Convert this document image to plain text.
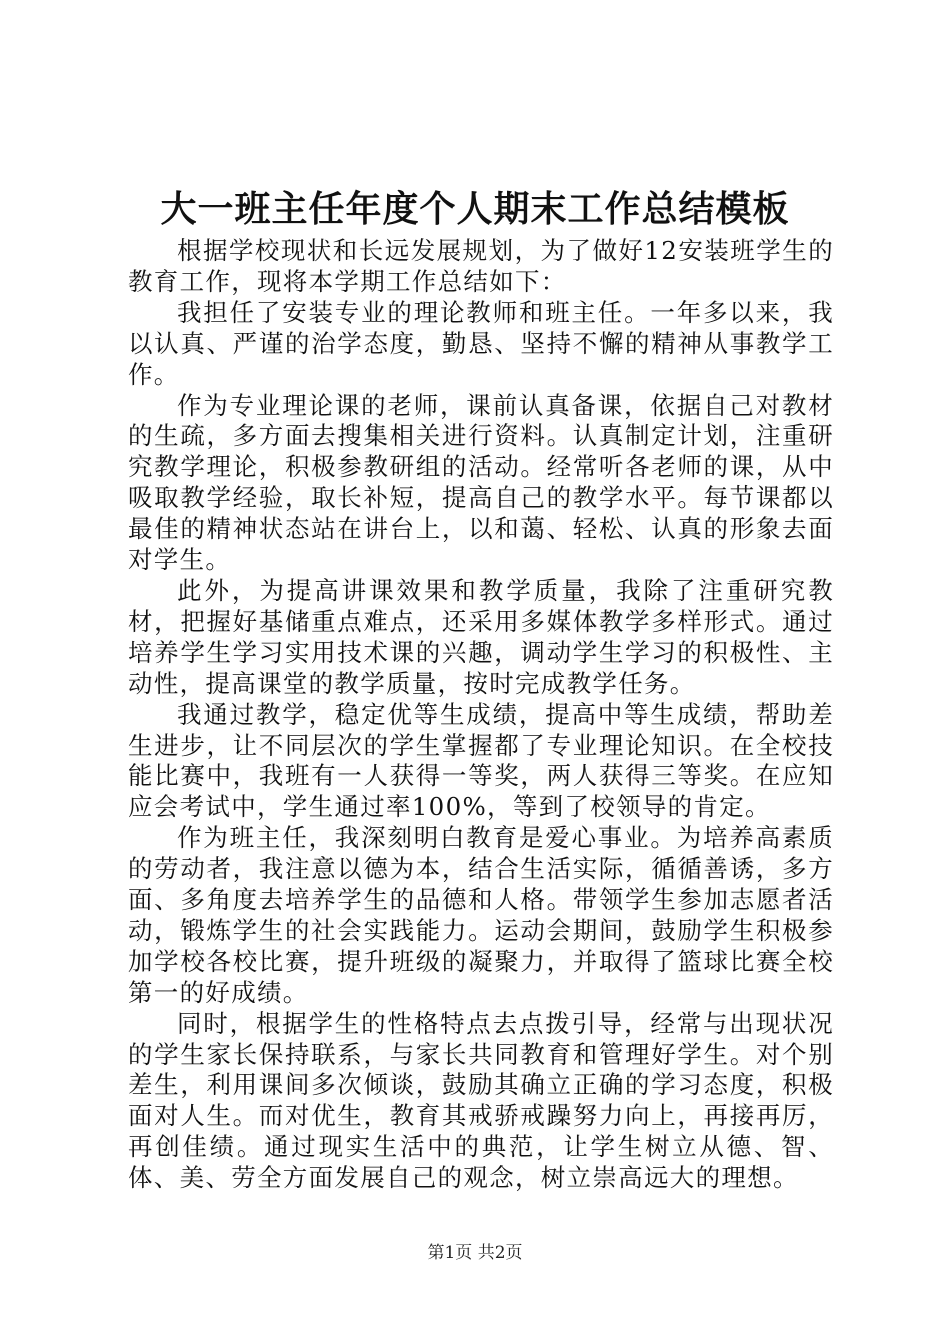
大一班主任年度个人期末工作总结模板

根据学校现状和长远发展规划，为了做好12安装班学生的教育工作，现将本学期工作总结如下：

我担任了安装专业的理论教师和班主任。一年多以来，我以认真、严谨的治学态度，勤恳、坚持不懈的精神从事教学工作。

作为专业理论课的老师，课前认真备课，依据自己对教材的生疏，多方面去搜集相关进行资料。认真制定计划，注重研究教学理论，积极参教研组的活动。经常听各老师的课，从中吸取教学经验，取长补短，提高自己的教学水平。每节课都以最佳的精神状态站在讲台上，以和蔼、轻松、认真的形象去面对学生。

此外，为提高讲课效果和教学质量，我除了注重研究教材，把握好基储重点难点，还采用多媒体教学多样形式。通过培养学生学习实用技术课的兴趣，调动学生学习的积极性、主动性，提高课堂的教学质量，按时完成教学任务。

我通过教学，稳定优等生成绩，提高中等生成绩，帮助差生进步，让不同层次的学生掌握都了专业理论知识。在全校技能比赛中，我班有一人获得一等奖，两人获得三等奖。在应知应会考试中，学生通过率100%，等到了校领导的肯定。

作为班主任，我深刻明白教育是爱心事业。为培养高素质的劳动者，我注意以德为本，结合生活实际，循循善诱，多方面、多角度去培养学生的品德和人格。带领学生参加志愿者活动，锻炼学生的社会实践能力。运动会期间，鼓励学生积极参加学校各校比赛，提升班级的凝聚力，并取得了篮球比赛全校第一的好成绩。

同时，根据学生的性格特点去点拨引导，经常与出现状况的学生家长保持联系，与家长共同教育和管理好学生。对个别差生，利用课间多次倾谈，鼓励其确立正确的学习态度，积极面对人生。而对优生，教育其戒骄戒躁努力向上，再接再厉，再创佳绩。通过现实生活中的典范，让学生树立从德、智、体、美、劳全方面发展自己的观念，树立崇高远大的理想。

第1页 共2页
